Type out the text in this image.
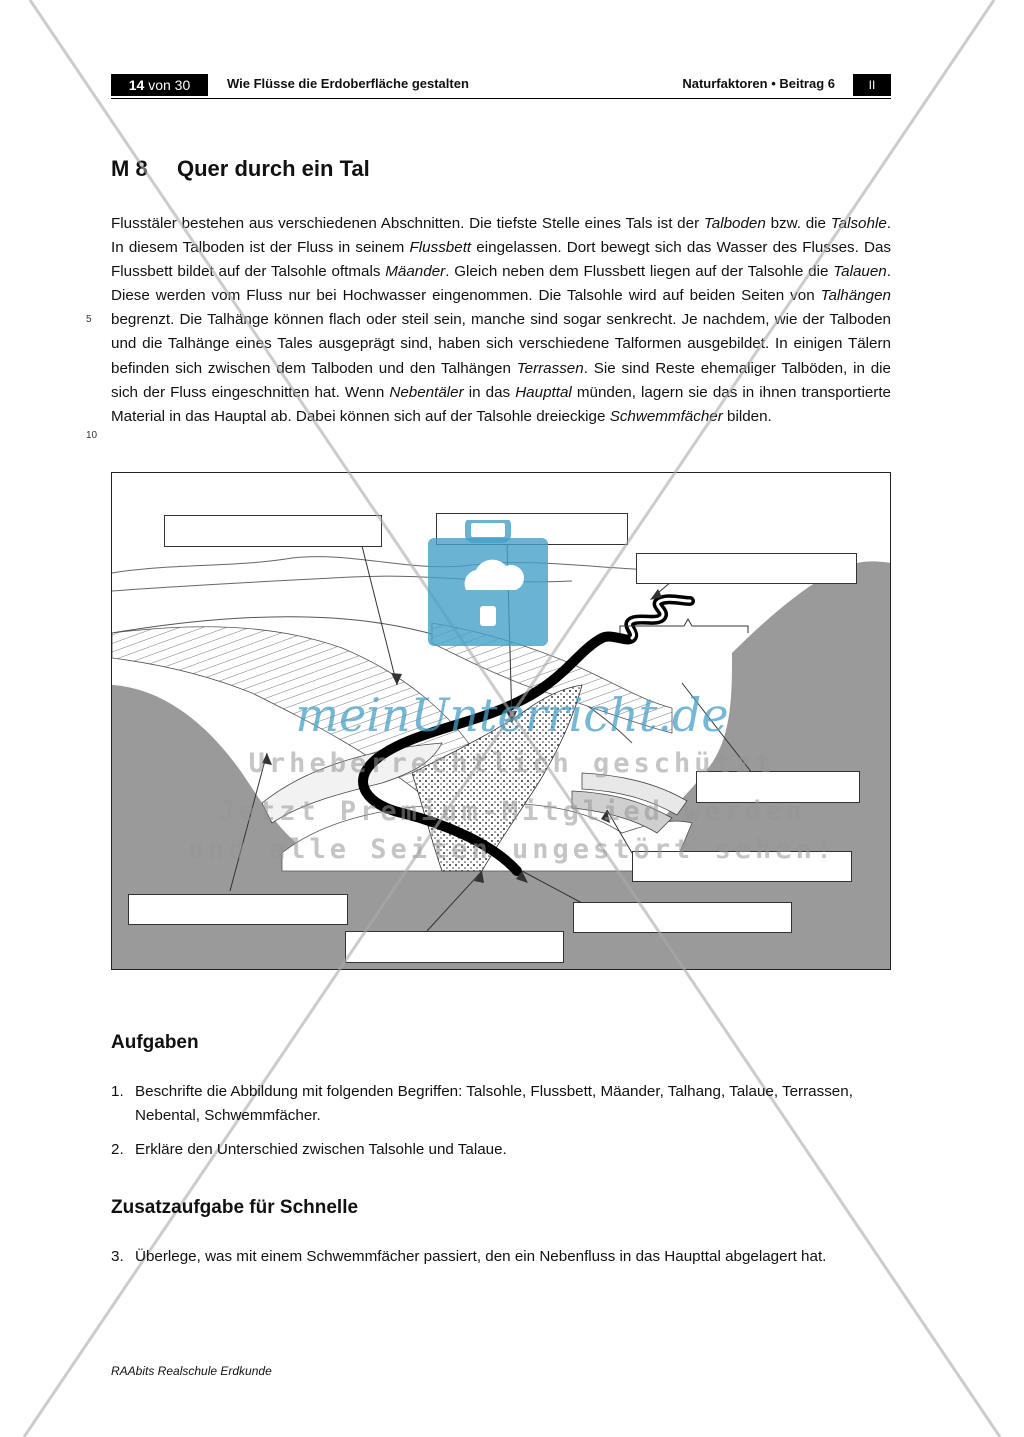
14 von 30	Wie Flüsse die Erdoberfläche gestalten	Naturfaktoren • Beitrag 6	II
M 8 Quer durch ein Tal

Flusstäler bestehen aus verschiedenen Abschnitten. Die tiefste Stelle eines Tals ist der Talboden bzw. die Talsohle. In diesem Talboden ist der Fluss in seinem Flussbett eingelassen. Dort bewegt sich das Wasser des Flusses. Das Flussbett bildet auf der Talsohle oftmals Mäander. Gleich neben dem Flussbett liegen auf der Talsohle die Talauen. Diese werden vom Fluss nur bei Hochwasser eingenommen. Die Talsohle wird auf beiden Seiten von Talhängen begrenzt. Die Talhänge können flach oder steil sein, manche sind sogar senkrecht. Je nachdem, wie der Talboden und die Talhänge eines Tales ausgeprägt sind, haben sich verschiedene Talformen ausgebildet. In einigen Tälern befinden sich zwischen dem Talboden und den Talhängen Terrassen. Sie sind Reste ehemaliger Talböden, in die sich der Fluss eingeschnitten hat. Wenn Nebentäler in das Haupttal münden, lagern sie das in ihnen transportierte Material in das Hauptal ab. Dabei können sich auf der Talsohle dreieckige Schwemmfächer bilden.

5
10
meinUnterricht.de
Urheberrechtlich geschützt
Jetzt Premium-Mitglied werden
und alle Seiten ungestört sehen!
Aufgaben
1. Beschrifte die Abbildung mit folgenden Begriffen: Talsohle, Flussbett, Mäander, Talhang, Talaue, Terrassen, Nebental, Schwemmfächer.
2. Erkläre den Unterschied zwischen Talsohle und Talaue.
Zusatzaufgabe für Schnelle
3. Überlege, was mit einem Schwemmfächer passiert, den ein Nebenfluss in das Haupttal abgelagert hat.
RAAbits Realschule Erdkunde
